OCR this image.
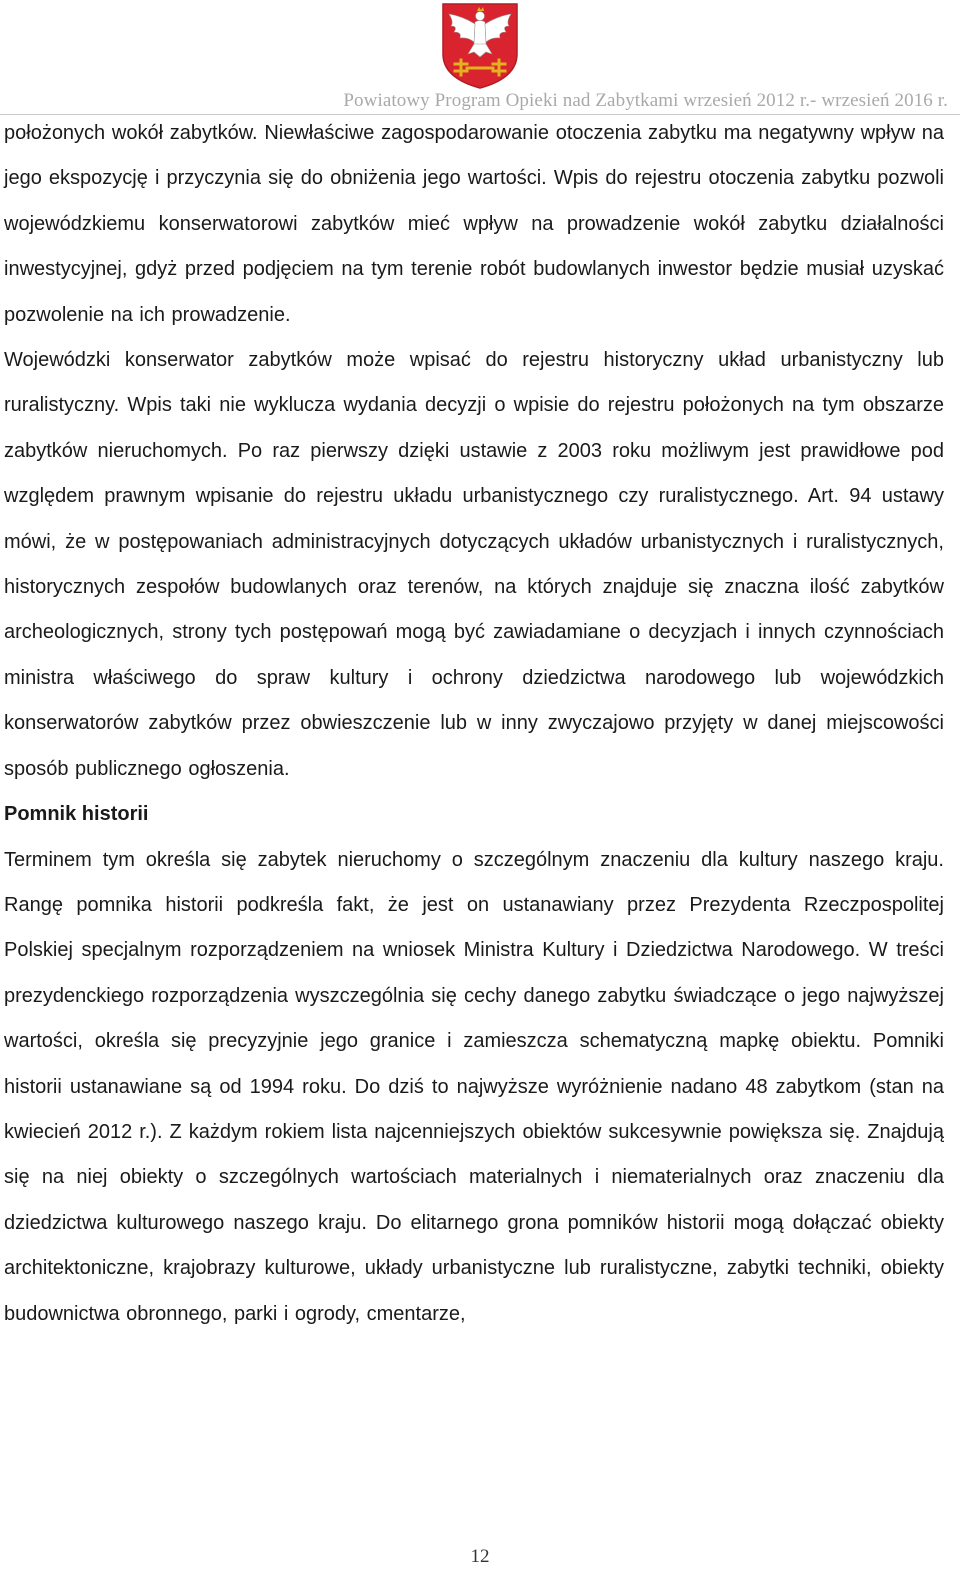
Powiatowy Program Opieki nad Zabytkami wrzesień 2012 r.- wrzesień 2016 r.

położonych wokół zabytków. Niewłaściwe zagospodarowanie otoczenia zabytku ma negatywny wpływ na jego ekspozycję i przyczynia się do obniżenia jego wartości. Wpis do rejestru otoczenia zabytku pozwoli wojewódzkiemu konserwatorowi zabytków mieć wpływ na prowadzenie wokół zabytku działalności inwestycyjnej, gdyż przed podjęciem na tym terenie robót budowlanych inwestor będzie musiał uzyskać pozwolenie na ich prowadzenie.

Wojewódzki konserwator zabytków może wpisać do rejestru historyczny układ urbanistyczny lub ruralistyczny. Wpis taki nie wyklucza wydania decyzji o wpisie do rejestru położonych na tym obszarze zabytków nieruchomych. Po raz pierwszy dzięki ustawie z 2003 roku możliwym jest prawidłowe pod względem prawnym wpisanie do rejestru układu urbanistycznego czy ruralistycznego. Art. 94 ustawy mówi, że w postępowaniach administracyjnych dotyczących układów urbanistycznych i ruralistycznych, historycznych zespołów budowlanych oraz terenów, na których znajduje się znaczna ilość zabytków archeologicznych, strony tych postępowań mogą być zawiadamiane o decyzjach i innych czynnościach ministra właściwego do spraw kultury i ochrony dziedzictwa narodowego lub wojewódzkich konserwatorów zabytków przez obwieszczenie lub w inny zwyczajowo przyjęty w danej miejscowości sposób publicznego ogłoszenia.

Pomnik historii

Terminem tym określa się zabytek nieruchomy o szczególnym znaczeniu dla kultury naszego kraju. Rangę pomnika historii podkreśla fakt, że jest on ustanawiany przez Prezydenta Rzeczpospolitej Polskiej specjalnym rozporządzeniem na wniosek Ministra Kultury i Dziedzictwa Narodowego. W treści prezydenckiego rozporządzenia wyszczególnia się cechy danego zabytku świadczące o jego najwyższej wartości, określa się precyzyjnie jego granice i zamieszcza schematyczną mapkę obiektu. Pomniki historii ustanawiane są od 1994 roku. Do dziś to najwyższe wyróżnienie nadano 48 zabytkom (stan na kwiecień 2012 r.). Z każdym rokiem lista najcenniejszych obiektów sukcesywnie powiększa się. Znajdują się na niej obiekty o szczególnych wartościach materialnych i niematerialnych oraz znaczeniu dla dziedzictwa kulturowego naszego kraju. Do elitarnego grona pomników historii mogą dołączać obiekty architektoniczne, krajobrazy kulturowe, układy urbanistyczne lub ruralistyczne, zabytki techniki, obiekty budownictwa obronnego, parki i ogrody, cmentarze,

12
